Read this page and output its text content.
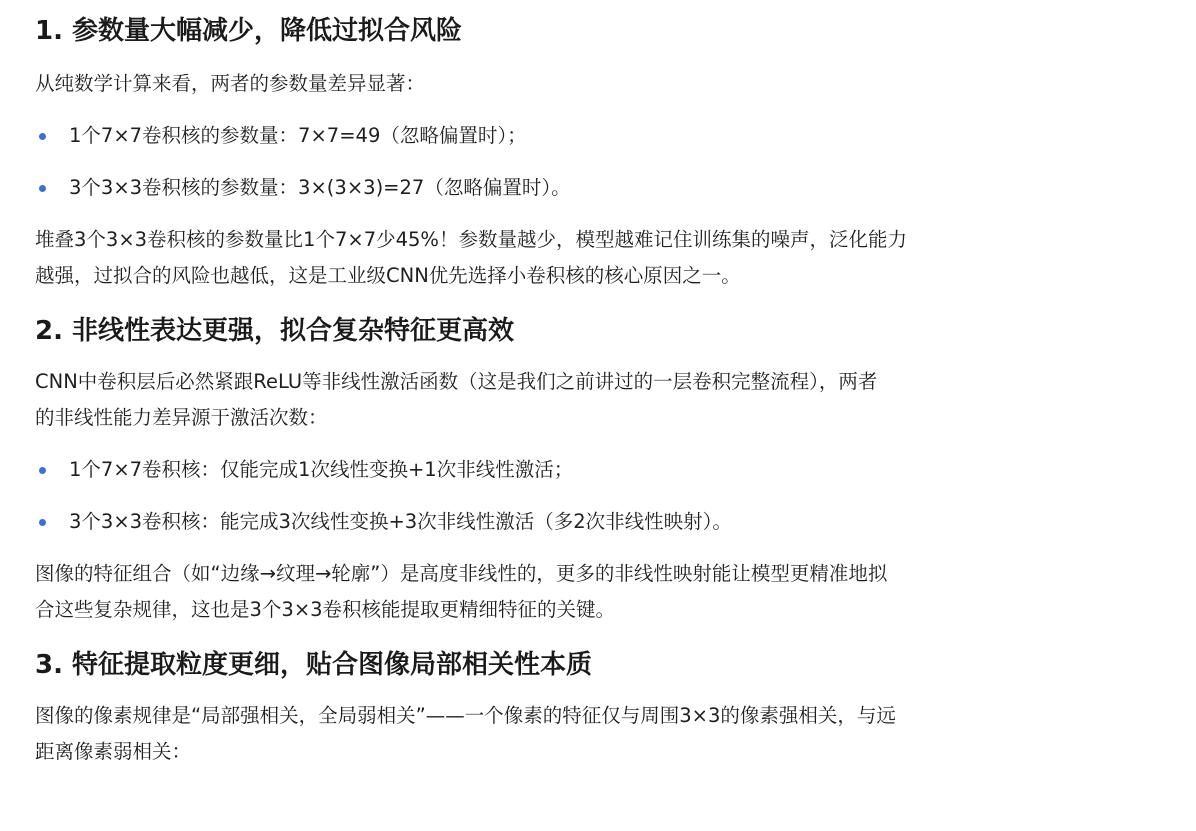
1. 参数量大幅减少，降低过拟合风险

从纯数学计算来看，两者的参数量差异显著：

1个7×7卷积核的参数量：7×7=49（忽略偏置时）；
3个3×3卷积核的参数量：3×(3×3)=27（忽略偏置时）。

堆叠3个3×3卷积核的参数量比1个7×7少45%！参数量越少，模型越难记住训练集的噪声，泛化能力
越强，过拟合的风险也越低，这是工业级CNN优先选择小卷积核的核心原因之一。

2. 非线性表达更强，拟合复杂特征更高效

CNN中卷积层后必然紧跟ReLU等非线性激活函数（这是我们之前讲过的一层卷积完整流程），两者
的非线性能力差异源于激活次数：

1个7×7卷积核：仅能完成1次线性变换+1次非线性激活；
3个3×3卷积核：能完成3次线性变换+3次非线性激活（多2次非线性映射）。

图像的特征组合（如“边缘→纹理→轮廓”）是高度非线性的，更多的非线性映射能让模型更精准地拟
合这些复杂规律，这也是3个3×3卷积核能提取更精细特征的关键。

3. 特征提取粒度更细，贴合图像局部相关性本质

图像的像素规律是“局部强相关，全局弱相关”——一个像素的特征仅与周围3×3的像素强相关，与远
距离像素弱相关：
